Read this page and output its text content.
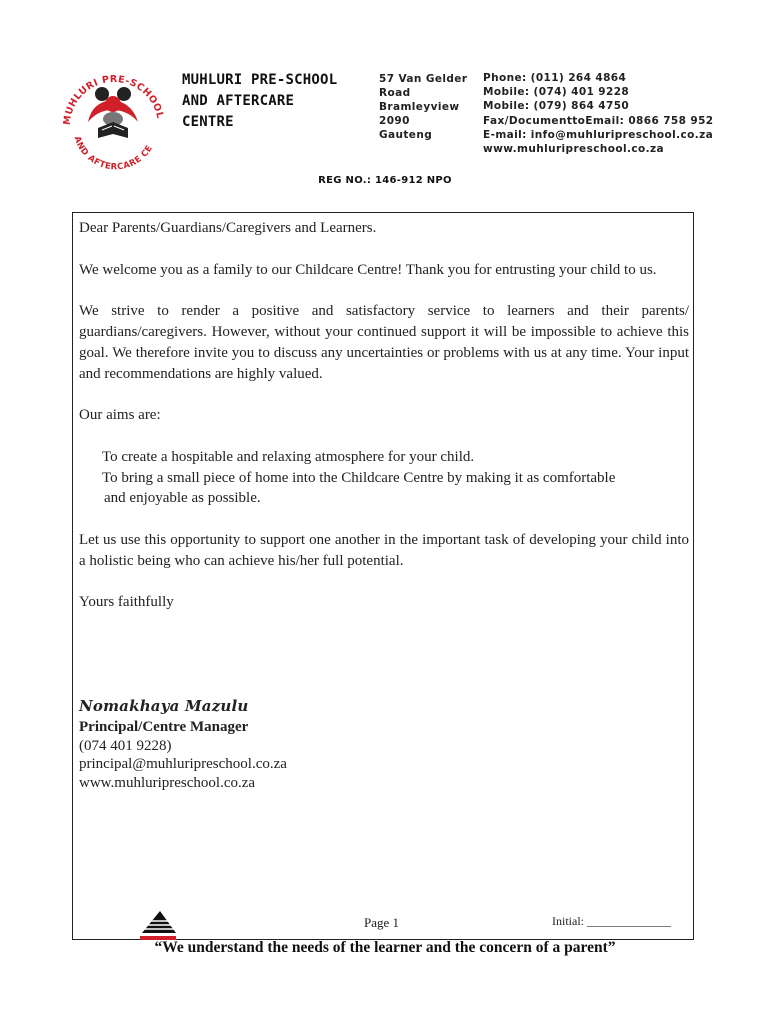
MUHLURI PRE-SCHOOL
AND AFTERCARE CE
MUHLURI PRE-SCHOOL
AND AFTERCARE
CENTRE
57 Van Gelder
Road
Bramleyview
2090
Gauteng
Phone: (011) 264 4864
Mobile: (074) 401 9228
Mobile: (079) 864 4750
Fax/DocumenttoEmail: 0866 758 952
E-mail: info@muhluripreschool.co.za
www.muhluripreschool.co.za
REG NO.: 146-912 NPO

Dear Parents/Guardians/Caregivers and Learners.

We welcome you as a family to our Childcare Centre! Thank you for entrusting your child to us.

We strive to render a positive and satisfactory service to learners and their parents/ guardians/caregivers. However, without your continued support it will be impossible to achieve this goal. We therefore invite you to discuss any uncertainties or problems with us at any time. Your input and recommendations are highly valued.

Our aims are:

To create a hospitable and relaxing atmosphere for your child.
To bring a small piece of home into the Childcare Centre by making it as comfortable
and enjoyable as possible.

Let us use this opportunity to support one another in the important task of developing your child into a holistic being who can achieve his/her full potential.

Yours faithfully

Nomakhaya Mazulu
Principal/Centre Manager
(074 401 9228)
principal@muhluripreschool.co.za
www.muhluripreschool.co.za
Page 1	Initial: ______________
“We understand the needs of the learner and the concern of a parent”
